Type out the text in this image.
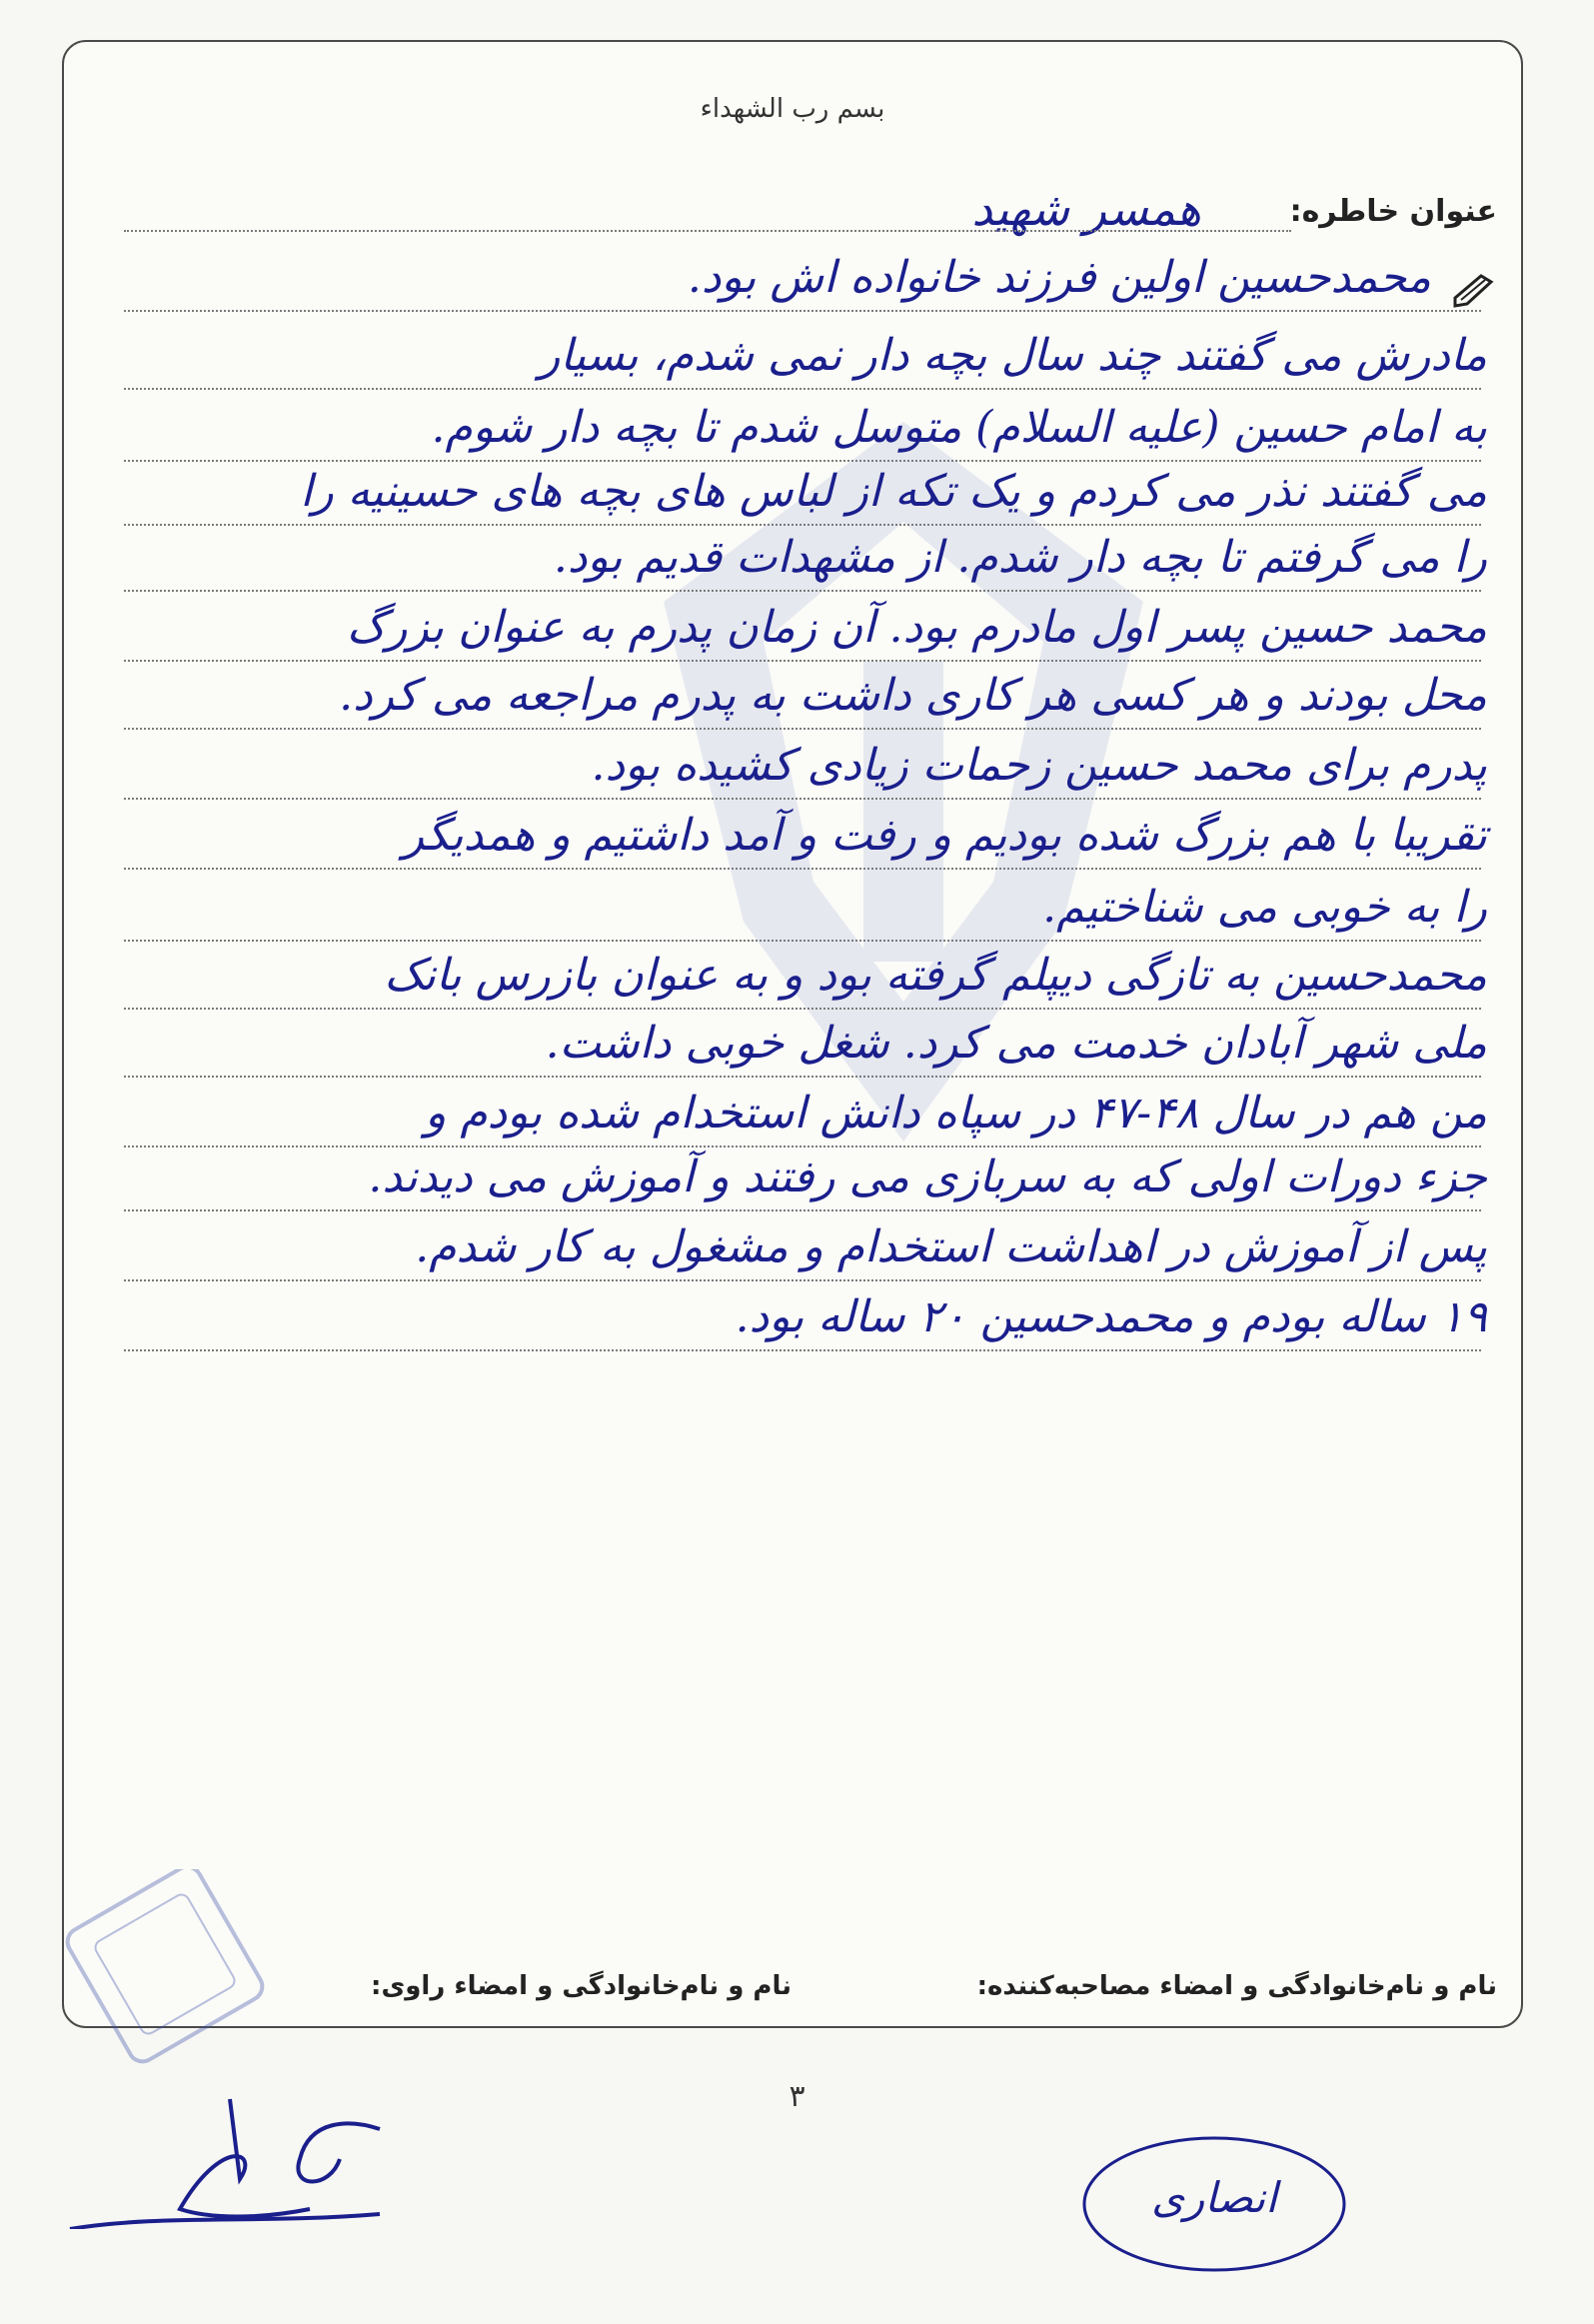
بسم رب الشهداء
عنوان خاطره:
همسر شهید
محمدحسین اولین فرزند خانواده اش بود.
مادرش می گفتند چند سال بچه دار نمی شدم، بسیار
به امام حسین (علیه السلام) متوسل شدم تا بچه دار شوم.
می گفتند نذر می کردم و یک تکه از لباس های بچه های حسینیه را
را می گرفتم تا بچه دار شدم. از مشهدات قدیم بود.
محمد حسین پسر اول مادرم بود. آن زمان پدرم به عنوان بزرگ
محل بودند و هر کسی هر کاری داشت به پدرم مراجعه می کرد.
پدرم برای محمد حسین زحمات زیادی کشیده بود.
تقریبا با هم بزرگ شده بودیم و رفت و آمد داشتیم و همدیگر
را به خوبی می شناختیم.
محمدحسین به تازگی دیپلم گرفته بود و به عنوان بازرس بانک
ملی شهر آبادان خدمت می کرد. شغل خوبی داشت.
من هم در سال ۴۸-۴۷ در سپاه دانش استخدام شده بودم و
جزء دورات اولی که به سربازی می رفتند و آموزش می دیدند.
پس از آموزش در اهداشت استخدام و مشغول به کار شدم.
۱۹ ساله بودم و محمدحسین ۲۰ ساله بود.
نام و نام‌خانوادگی و امضاء مصاحبه‌کننده:
نام و نام‌خانوادگی و امضاء راوی:
۳
انصاری
